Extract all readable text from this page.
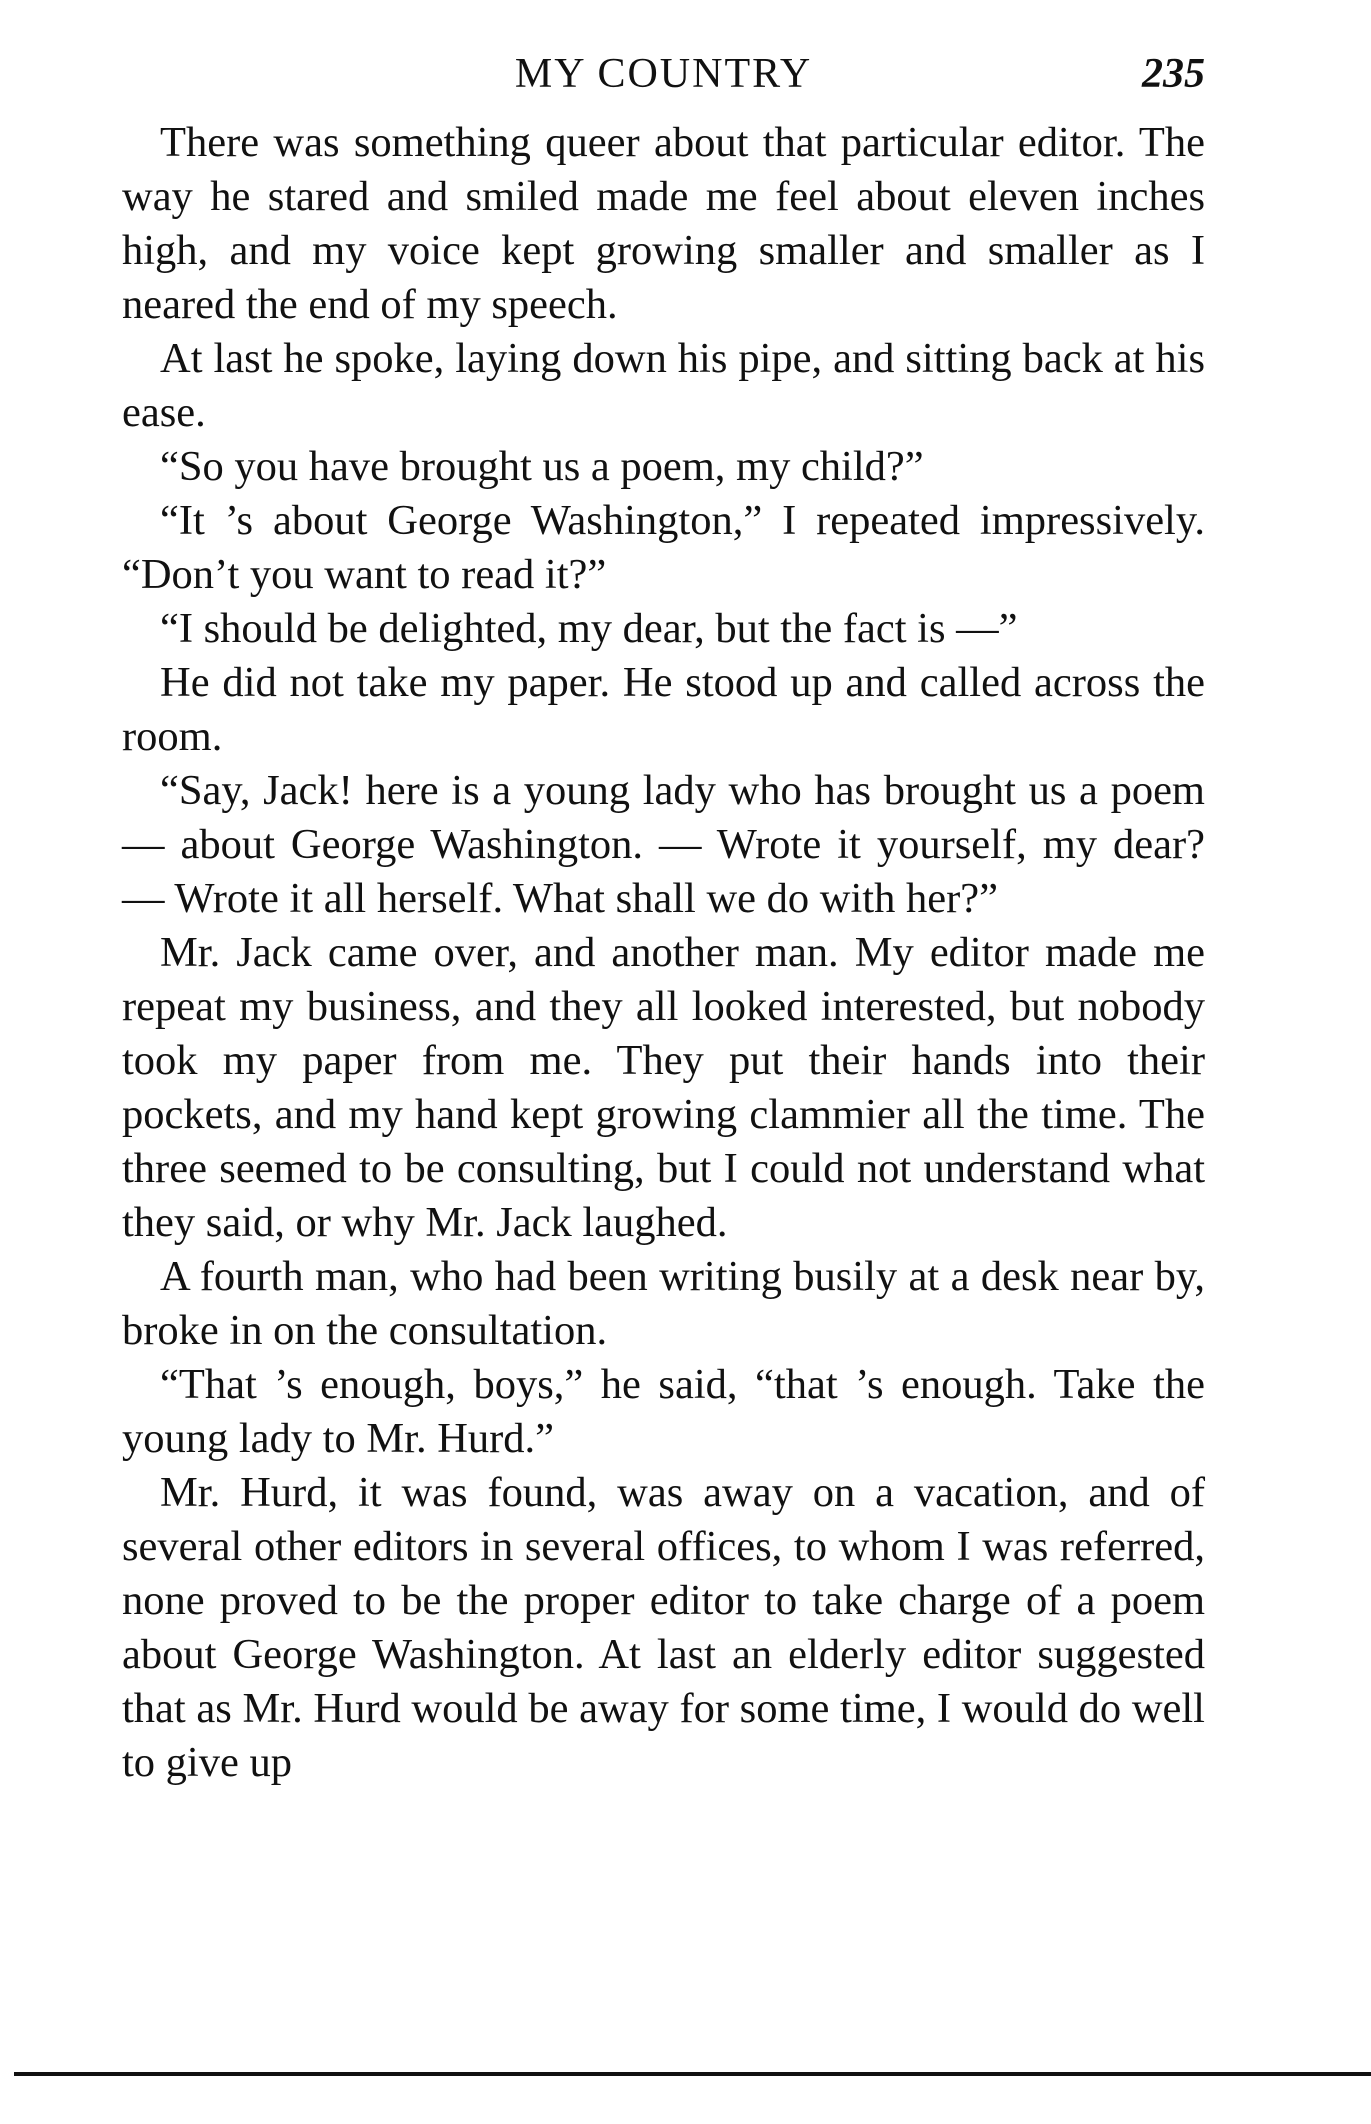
MY COUNTRY	235

There was something queer about that particular editor. The way he stared and smiled made me feel about eleven inches high, and my voice kept growing smaller and smaller as I neared the end of my speech.

At last he spoke, laying down his pipe, and sitting back at his ease.

“So you have brought us a poem, my child?”

“It ’s about George Washington,” I repeated impressively. “Don’t you want to read it?”

“I should be delighted, my dear, but the fact is —”

He did not take my paper. He stood up and called across the room.

“Say, Jack! here is a young lady who has brought us a poem — about George Washington. — Wrote it yourself, my dear? — Wrote it all herself. What shall we do with her?”

Mr. Jack came over, and another man. My editor made me repeat my business, and they all looked interested, but nobody took my paper from me. They put their hands into their pockets, and my hand kept growing clammier all the time. The three seemed to be consulting, but I could not understand what they said, or why Mr. Jack laughed.

A fourth man, who had been writing busily at a desk near by, broke in on the consultation.

“That ’s enough, boys,” he said, “that ’s enough. Take the young lady to Mr. Hurd.”

Mr. Hurd, it was found, was away on a vacation, and of several other editors in several offices, to whom I was referred, none proved to be the proper editor to take charge of a poem about George Washington. At last an elderly editor suggested that as Mr. Hurd would be away for some time, I would do well to give up
